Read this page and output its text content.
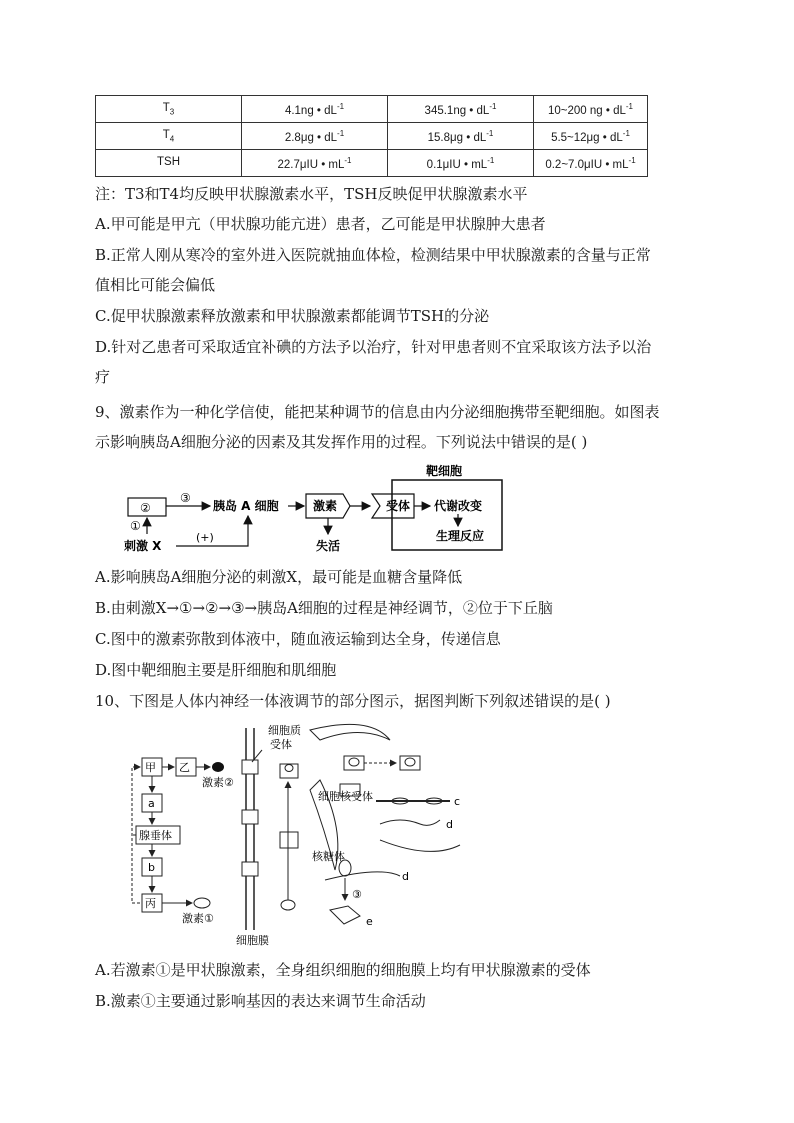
$T_3$	4.1ng • $dL^{-1}$	345.1ng • $dL^{-1}$	10~200 ng • $dL^{-1}$
$T_4$	2.8μg • $dL^{-1}$	15.8μg • $dL^{-1}$	5.5~12μg • $dL^{-1}$
TSH	22.7μIU • $mL^{-1}$	0.1μIU • $mL^{-1}$	0.2~7.0μIU • $mL^{-1}$
注：T3和T4均反映甲状腺激素水平，TSH反映促甲状腺激素水平
A.甲可能是甲亢（甲状腺功能亢进）患者，乙可能是甲状腺肿大患者
B.正常人刚从寒冷的室外进入医院就抽血体检，检测结果中甲状腺激素的含量与正常
值相比可能会偏低
C.促甲状腺激素释放激素和甲状腺激素都能调节TSH的分泌
D.针对乙患者可采取适宜补碘的方法予以治疗，针对甲患者则不宜采取该方法予以治
疗
9、激素作为一种化学信使，能把某种调节的信息由内分泌细胞携带至靶细胞。如图表
示影响胰岛A细胞分泌的因素及其发挥作用的过程。下列说法中错误的是( )
靶细胞
②
③
胰岛 A 细胞	激素	受体 代谢改变
生理反应
①
刺激 X
(+)
失活
A.影响胰岛A细胞分泌的刺激X，最可能是血糖含量降低
B.由刺激X→①→②→③→胰岛A细胞的过程是神经调节，②位于下丘脑
C.图中的激素弥散到体液中，随血液运输到达全身，传递信息
D.图中靶细胞主要是肝细胞和肌细胞
10、下图是人体内神经一体液调节的部分图示，据图判断下列叙述错误的是( )
甲 乙
激素②
a
腺垂体
b
丙
激素①
细胞膜
细胞质
受体
细胞核受体	c
d
核糖体
d
③
e
A.若激素①是甲状腺激素，全身组织细胞的细胞膜上均有甲状腺激素的受体
B.激素①主要通过影响基因的表达来调节生命活动
